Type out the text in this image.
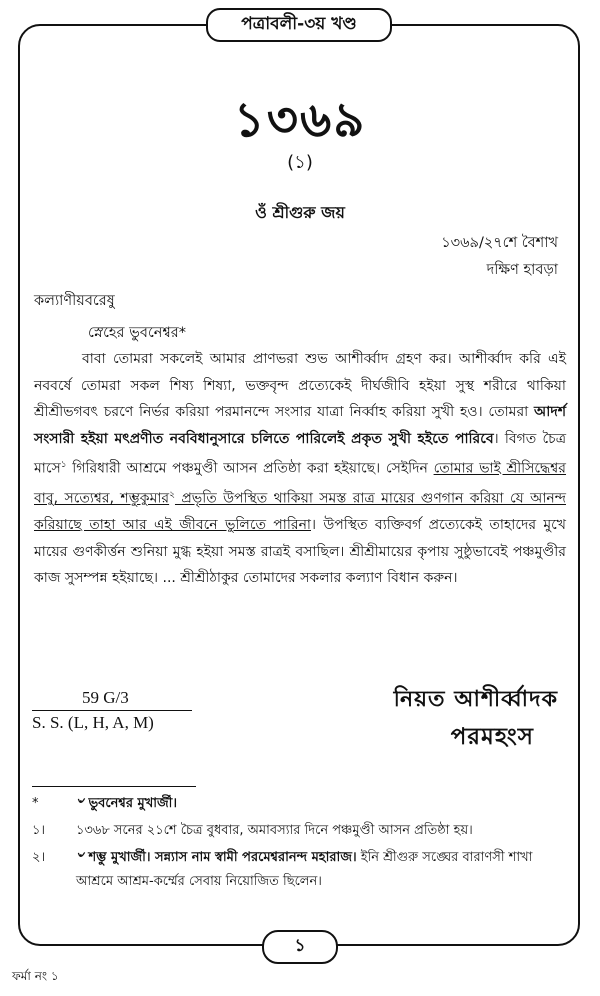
পত্রাবলী-৩য় খণ্ড
১৩৬৯
(১)
ওঁ শ্রীগুরু জয়
১৩৬৯/২৭শে বৈশাখ
দক্ষিণ হাবড়া
কল্যাণীয়বরেষু
স্নেহের ভুবনেশ্বর*

বাবা তোমরা সকলেই আমার প্রাণভরা শুভ আশীর্ব্বাদ গ্রহণ কর। আশীর্ব্বাদ করি এই নববর্ষে তোমরা সকল শিষ্য শিষ্যা, ভক্তবৃন্দ প্রত্যেকেই দীর্ঘজীবি হইয়া সুস্থ শরীরে থাকিয়া শ্রীশ্রীভগবৎ চরণে নির্ভর করিয়া পরমানন্দে সংসার যাত্রা নির্ব্বাহ করিয়া সুখী হও। তোমরা আদর্শ সংসারী হইয়া মৎপ্রণীত নববিধানুসারে চলিতে পারিলেই প্রকৃত সুখী হইতে পারিবে। বিগত চৈত্র মাসে$^১$ গিরিধারী আশ্রমে পঞ্চমুণ্ডী আসন প্রতিষ্ঠা করা হইয়াছে। সেইদিন তোমার ভাই শ্রীসিদ্ধেশ্বর বাবু, সত্যেশ্বর, শম্ভুকুমার$^২$ প্রভৃতি উপস্থিত থাকিয়া সমস্ত রাত্র মায়ের গুণগান করিয়া যে আনন্দ করিয়াছে তাহা আর এই জীবনে ভুলিতে পারিনা। উপস্থিত ব্যক্তিবর্গ প্রত্যেকেই তাহাদের মুখে মায়ের গুণকীর্ত্তন শুনিয়া মুগ্ধ হইয়া সমস্ত রাত্রই বসাছিল। শ্রীশ্রীমায়ের কৃপায় সুষ্ঠুভাবেই পঞ্চমুণ্ডীর কাজ সুসম্পন্ন হইয়াছে। ... শ্রীশ্রীঠাকুর তোমাদের সকলার কল্যাণ বিধান করুন।

59 G/3
S. S. (L, H, A, M)
নিয়ত আশীর্ব্বাদক
পরমহংস
*	৺ ভুবনেশ্বর মুখার্জী।
১। ১৩৬৮ সনের ২১শে চৈত্র বুধবার, অমাবস্যার দিনে পঞ্চমুণ্ডী আসন প্রতিষ্ঠা হয়।
২। ৺ শম্ভু মুখার্জী। সন্ন্যাস নাম স্বামী পরমেশ্বরানন্দ মহারাজ। ইনি শ্রীগুরু সঙ্ঘের বারাণসী শাখা আশ্রমে আশ্রম-কর্ম্মের সেবায় নিয়োজিত ছিলেন।
১
ফর্মা নং ১
